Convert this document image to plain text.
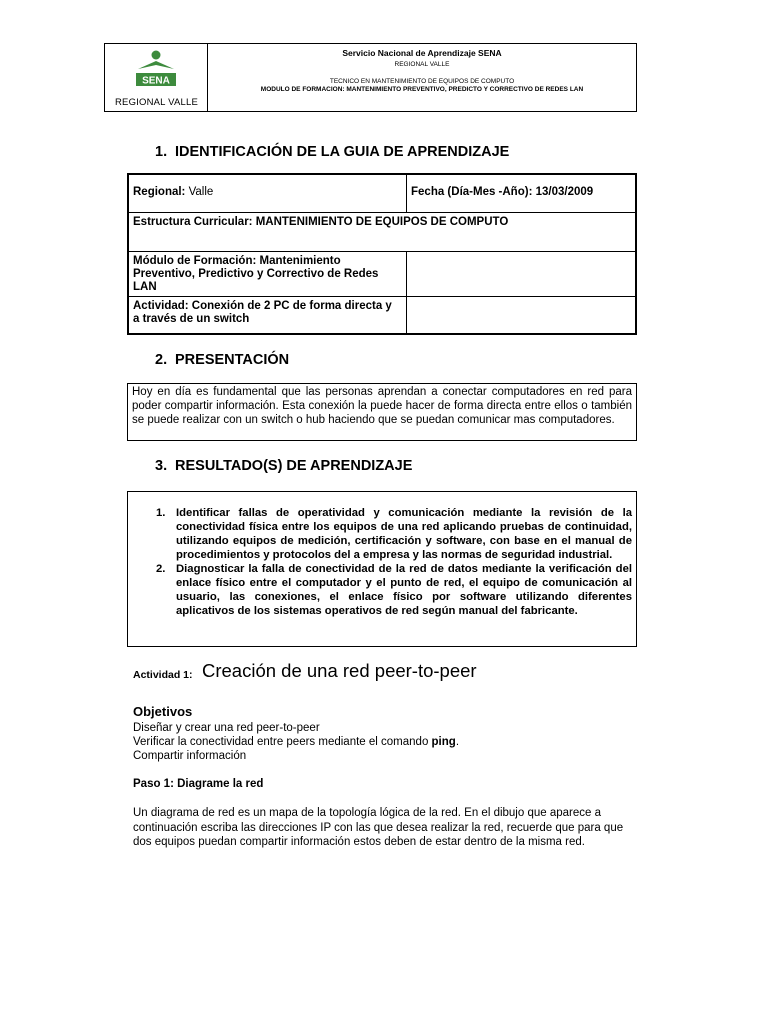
SENA
REGIONAL VALLE
Servicio Nacional de Aprendizaje SENA
REGIONAL VALLE
TECNICO EN MANTENIMIENTO DE EQUIPOS DE COMPUTO
MODULO DE FORMACION: MANTENIMIENTO PREVENTIVO, PREDICTO Y CORRECTIVO DE REDES LAN
1. IDENTIFICACIÓN DE LA GUIA DE APRENDIZAJE
Regional: Valle	Fecha (Día-Mes -Año): 13/03/2009
Estructura Curricular: MANTENIMIENTO DE EQUIPOS DE COMPUTO
Módulo de Formación: Mantenimiento Preventivo, Predictivo y Correctivo de Redes LAN
Actividad: Conexión de 2 PC de forma directa y a través de un switch
2. PRESENTACIÓN
Hoy en día es fundamental que las personas aprendan a conectar computadores en red para poder compartir información. Esta conexión la puede hacer de forma directa entre ellos o también se puede realizar con un switch o hub haciendo que se puedan comunicar mas computadores.
3. RESULTADO(S) DE APRENDIZAJE
1. Identificar fallas de operatividad y comunicación mediante la revisión de la conectividad física entre los equipos de una red aplicando pruebas de continuidad, utilizando equipos de medición, certificación y software, con base en el manual de procedimientos y protocolos del a empresa y las normas de seguridad industrial.
2. Diagnosticar la falla de conectividad de la red de datos mediante la verificación del enlace físico entre el computador y el punto de red, el equipo de comunicación al usuario, las conexiones, el enlace físico por software utilizando diferentes aplicativos de los sistemas operativos de red según manual del fabricante.
Actividad 1: Creación de una red peer-to-peer
Objetivos
Diseñar y crear una red peer-to-peer
Verificar la conectividad entre peers mediante el comando ping.
Compartir información
Paso 1: Diagrame la red
Un diagrama de red es un mapa de la topología lógica de la red. En el dibujo que aparece a continuación escriba las direcciones IP con las que desea realizar la red, recuerde que para que dos equipos puedan compartir información estos deben de estar dentro de la misma red.
